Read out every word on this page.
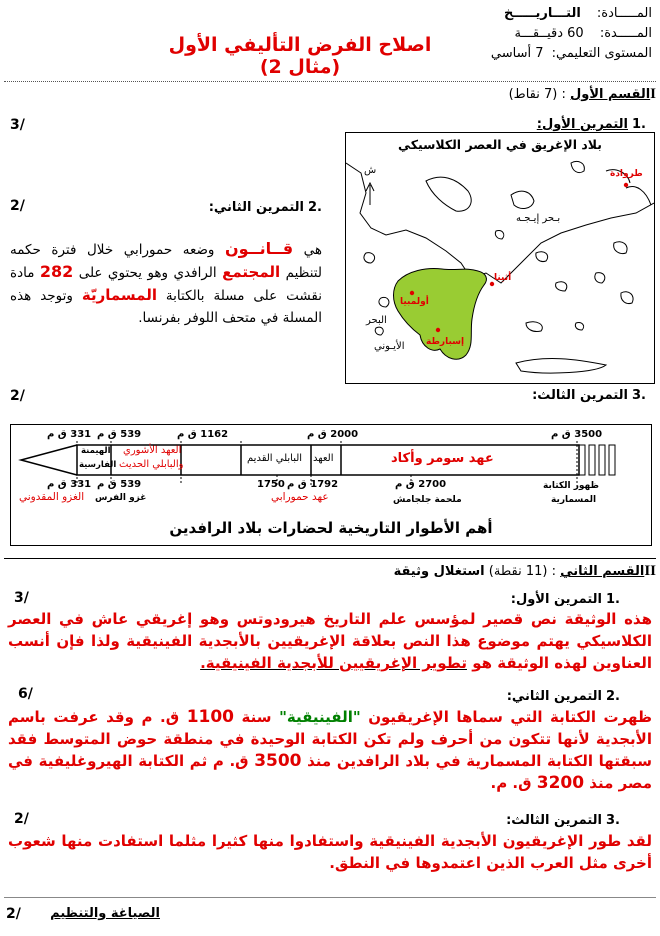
المـــــادة: التـــاريـــــخ
المـــــدة: 60 دقيــقـــة
المستوى التعليمي: 7 أساسي
اصلاح الفرض التأليفي الأول (مثال 2)
Iالقسم الأول : (7 نقاط)
.1التمرين الأول:
3/
بلاد الإغريق في العصر الكلاسيكي
ش
بـحر إيـجـه
البحر
الأيـوني
طروادة
أثينا
أولمبيا
إسبارطة
.2التمرين الثاني:
2/
هي قــانــون وضعه حمورابي خلال فترة حكمه لتنظيم المجتمع الرافدي وهو يحتوي على 282 مادة نقشت على مسلة بالكتابة المسماريّة وتوجد هذه المسلة في متحف اللوفر بفرنسا.
.3التمرين الثالث:
2/
3500 ق م
2000 ق م
1162 ق م
539 ق م
331 ق م
عهد سومر وأكاد
العهد
البابلي القديم
العهد الأشوري
والبابلي الحديث
الهيمنة
الفارسية
2700 ق م
1792 ق م
1750
539 ق م
331 ق م	ظهور الكتابة
المسمارية
ملحمة جلجامش
عهد حمورابي
غزو الفرس
الغزو المقدوني
أهم الأطوار التاريخية لحضارات بلاد الرافدين
IIالقسم الثاني : (11 نقطة) استغلال وثيقة
.1التمرين الأول:
3/
هذه الوثيقة نص قصير لمؤسس علم التاريخ هيرودوتس وهو إغريقي عاش في العصر الكلاسيكي يهتم موضوع هذا النص بعلاقة الإغريقيين بالأبجدية الفينيقية ولذا فإن أنسب العناوين لهذه الوثيقة هو تطوير الإغريقيين للأبجدية الفينيقية.
.2التمرين الثاني:
6/
ظهرت الكتابة التي سماها الإغريقيون "الفينيقية" سنة 1100 ق. م وقد عرفت باسم الأبجدية لأنها تتكون من أحرف ولم تكن الكتابة الوحيدة في منطقة حوض المتوسط فقد سبقتها الكتابة المسمارية في بلاد الرافدين منذ 3500 ق. م ثم الكتابة الهيروغليفية في مصر منذ 3200 ق. م.
.3التمرين الثالث:
2/
لقد طور الإغريقيون الأبجدية الفينيقية واستفادوا منها كثيرا مثلما استفادت منها شعوب أخرى مثل العرب الذين اعتمدوها في النطق.
الصياغة والتنظيم
2/
